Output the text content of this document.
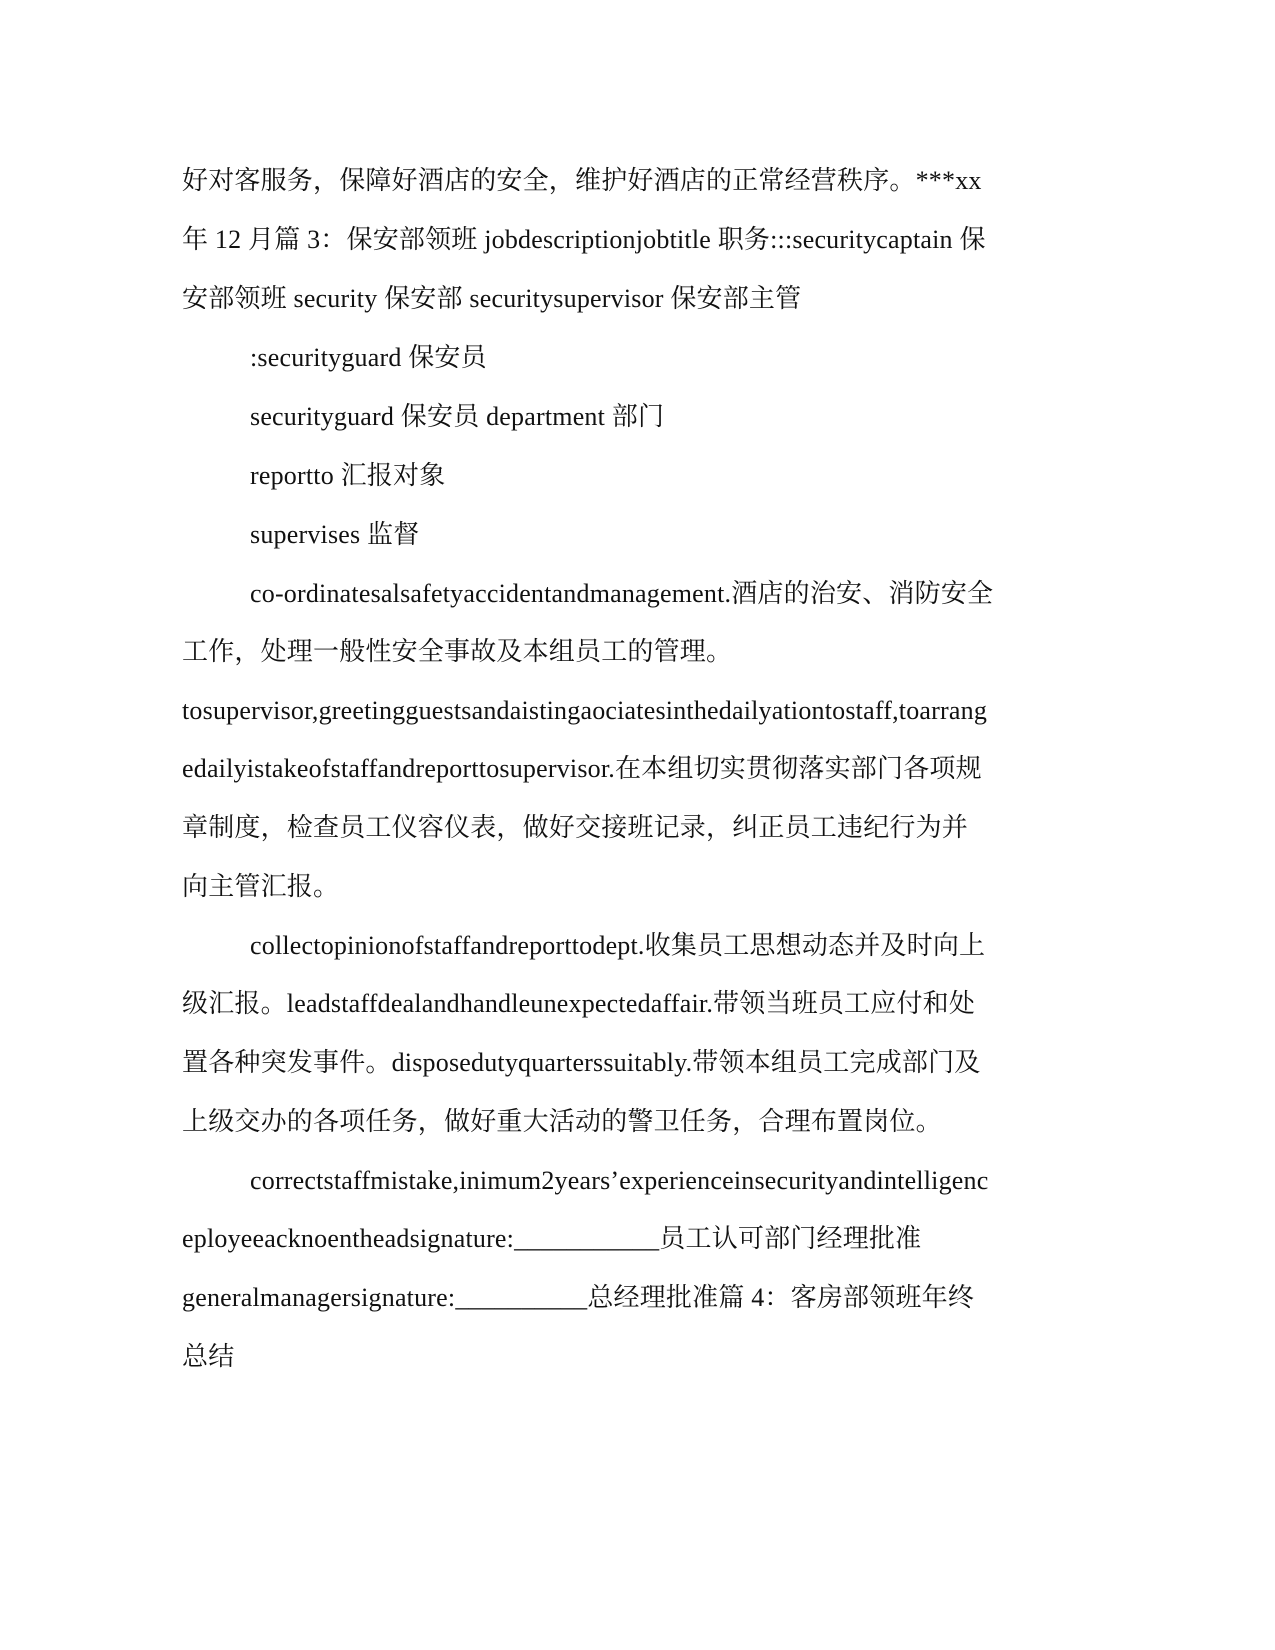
好对客服务，保障好酒店的安全，维护好酒店的正常经营秩序。***xx
年 12 月篇 3：保安部领班 jobdescriptionjobtitle 职务:::securitycaptain 保
安部领班 security 保安部 securitysupervisor 保安部主管
:securityguard 保安员
securityguard 保安员 department 部门
reportto 汇报对象
supervises 监督
co-ordinatesalsafetyaccidentandmanagement.酒店的治安、消防安全
工作，处理一般性安全事故及本组员工的管理。
tosupervisor,greetingguestsandaistingaociatesinthedailyationtostaff,toarrang
edailyistakeofstaffandreporttosupervisor.在本组切实贯彻落实部门各项规
章制度，检查员工仪容仪表，做好交接班记录，纠正员工违纪行为并
向主管汇报。
collectopinionofstaffandreporttodept.收集员工思想动态并及时向上
级汇报。leadstaffdealandhandleunexpectedaffair.带领当班员工应付和处
置各种突发事件。disposedutyquarterssuitably.带领本组员工完成部门及
上级交办的各项任务，做好重大活动的警卫任务，合理布置岗位。
correctstaffmistake,inimum2years’experienceinsecurityandintelligenc
eployeeacknoentheadsignature:___________员工认可部门经理批准
generalmanagersignature:__________总经理批准篇 4：客房部领班年终
总结
